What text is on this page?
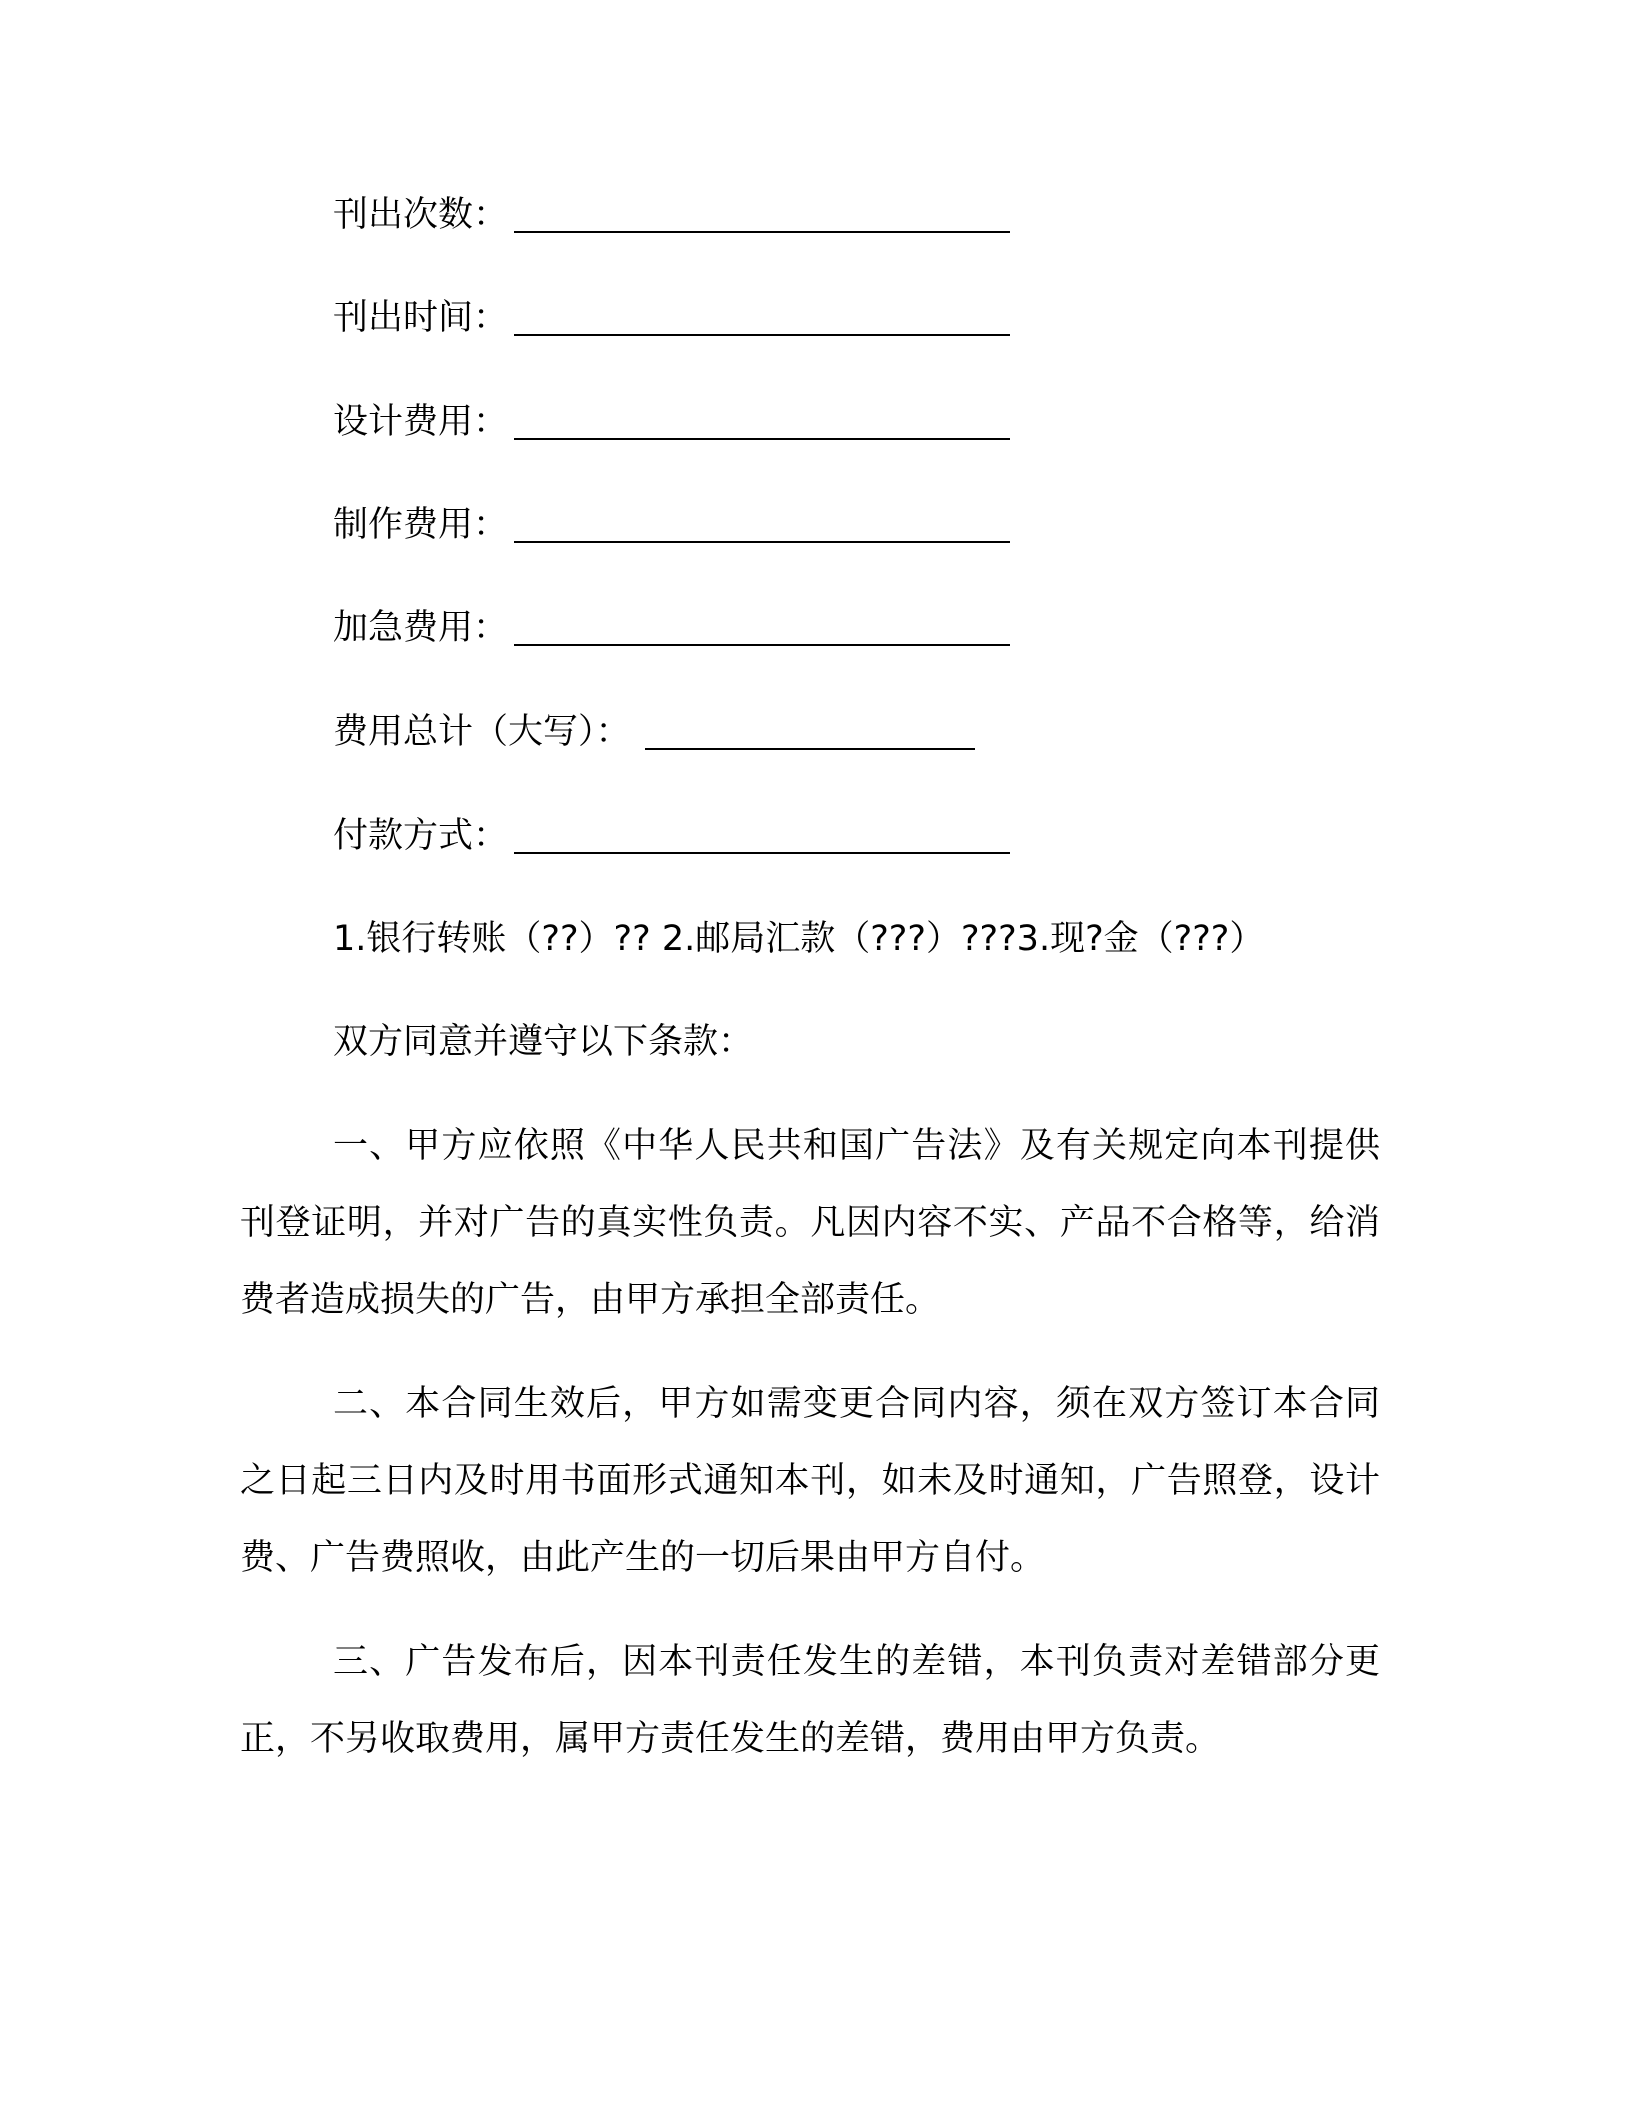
刊出次数：
刊出时间：
设计费用：
制作费用：
加急费用：
费用总计（大写）：
付款方式：
1.银行转账（??）?? 2.邮局汇款（???）???3.现?金（???）
双方同意并遵守以下条款：

一、甲方应依照《中华人民共和国广告法》及有关规定向本刊提供刊登证明，并对广告的真实性负责。凡因内容不实、产品不合格等，给消费者造成损失的广告，由甲方承担全部责任。

二、本合同生效后，甲方如需变更合同内容，须在双方签订本合同之日起三日内及时用书面形式通知本刊，如未及时通知，广告照登，设计费、广告费照收，由此产生的一切后果由甲方自付。

三、广告发布后，因本刊责任发生的差错，本刊负责对差错部分更正，不另收取费用，属甲方责任发生的差错，费用由甲方负责。
